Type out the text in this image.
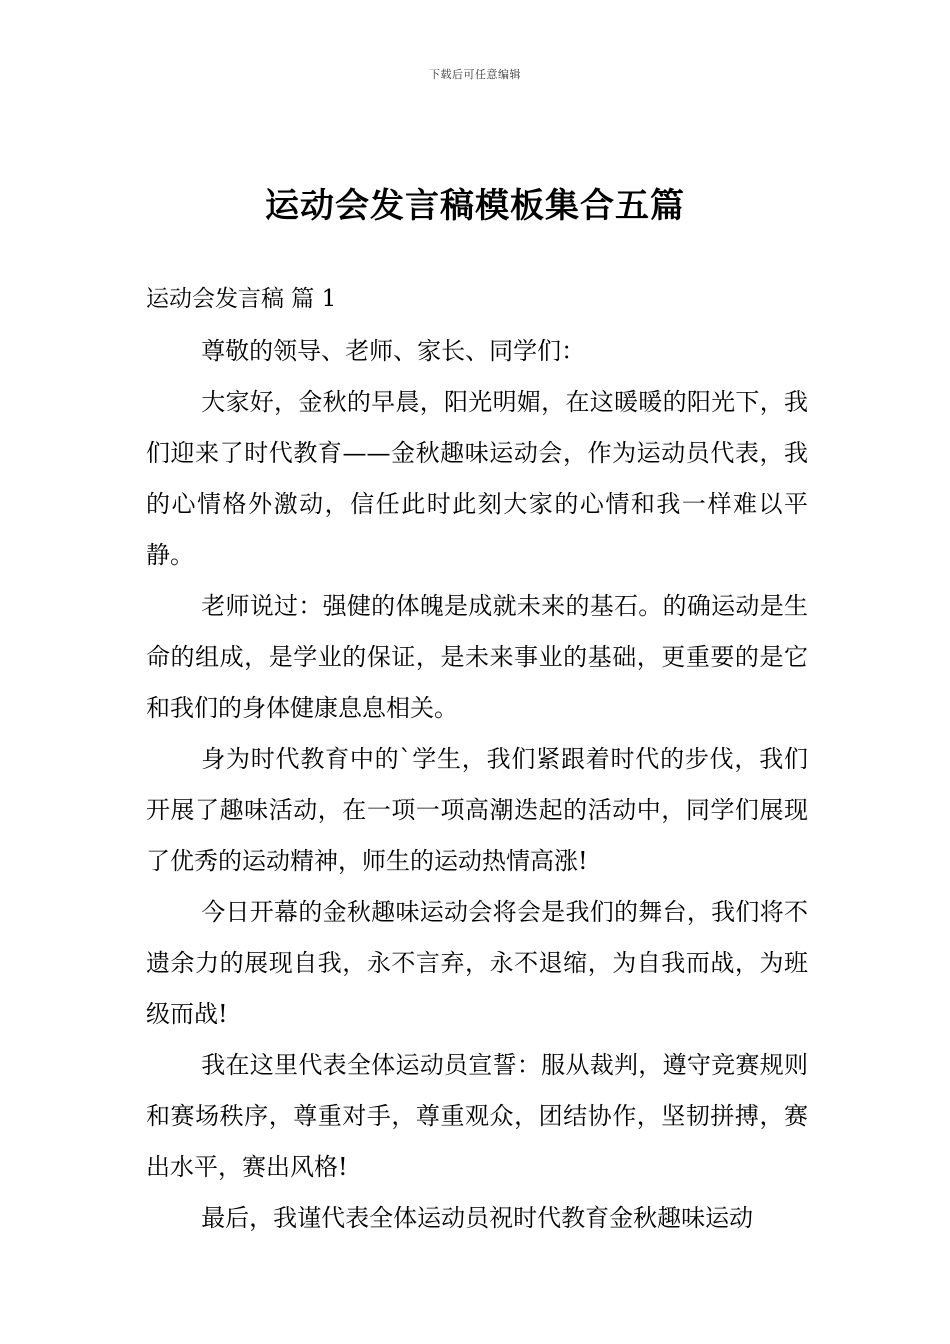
下载后可任意编辑
运动会发言稿模板集合五篇
运动会发言稿 篇 1

尊敬的领导、老师、家长、同学们：

大家好，金秋的早晨，阳光明媚，在这暖暖的阳光下，我们迎来了时代教育——金秋趣味运动会，作为运动员代表，我的心情格外激动，信任此时此刻大家的心情和我一样难以平静。

老师说过：强健的体魄是成就未来的基石。的确运动是生命的组成，是学业的保证，是未来事业的基础，更重要的是它和我们的身体健康息息相关。

身为时代教育中的`学生，我们紧跟着时代的步伐，我们开展了趣味活动，在一项一项高潮迭起的活动中，同学们展现了优秀的运动精神，师生的运动热情高涨!

今日开幕的金秋趣味运动会将会是我们的舞台，我们将不遗余力的展现自我，永不言弃，永不退缩，为自我而战，为班级而战!

我在这里代表全体运动员宣誓：服从裁判，遵守竞赛规则和赛场秩序，尊重对手，尊重观众，团结协作，坚韧拼搏，赛出水平，赛出风格!

最后，我谨代表全体运动员祝时代教育金秋趣味运动
